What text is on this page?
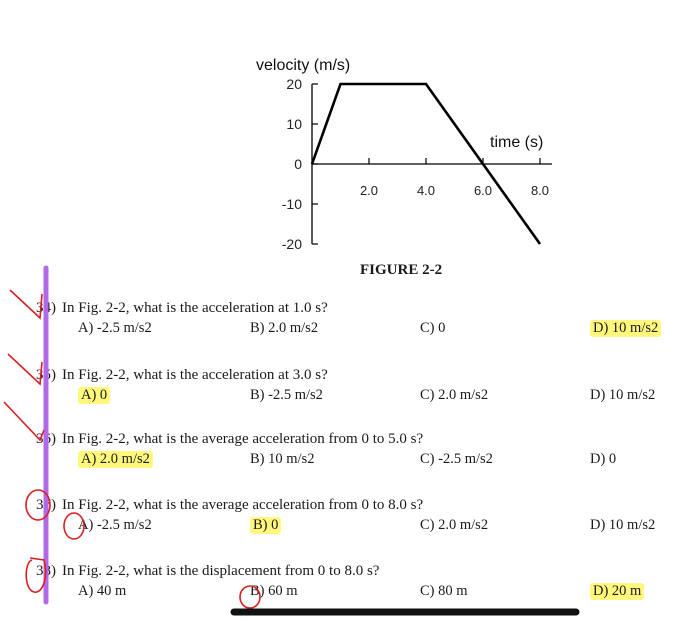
20
10
0
-10
-20
2.0	4.0	6.0	8.0
velocity (m/s)
time (s)
FIGURE 2-2
34) In Fig. 2-2, what is the acceleration at 1.0 s?
A) -2.5 m/s2	B) 2.0 m/s2	C) 0	D) 10 m/s2
35) In Fig. 2-2, what is the acceleration at 3.0 s?
A) 0	B) -2.5 m/s2	C) 2.0 m/s2	D) 10 m/s2
36) In Fig. 2-2, what is the average acceleration from 0 to 5.0 s?
A) 2.0 m/s2	B) 10 m/s2	C) -2.5 m/s2	D) 0
37) In Fig. 2-2, what is the average acceleration from 0 to 8.0 s?
A) -2.5 m/s2	B) 0	C) 2.0 m/s2	D) 10 m/s2
38) In Fig. 2-2, what is the displacement from 0 to 8.0 s?
A) 40 m	B) 60 m	C) 80 m	D) 20 m
